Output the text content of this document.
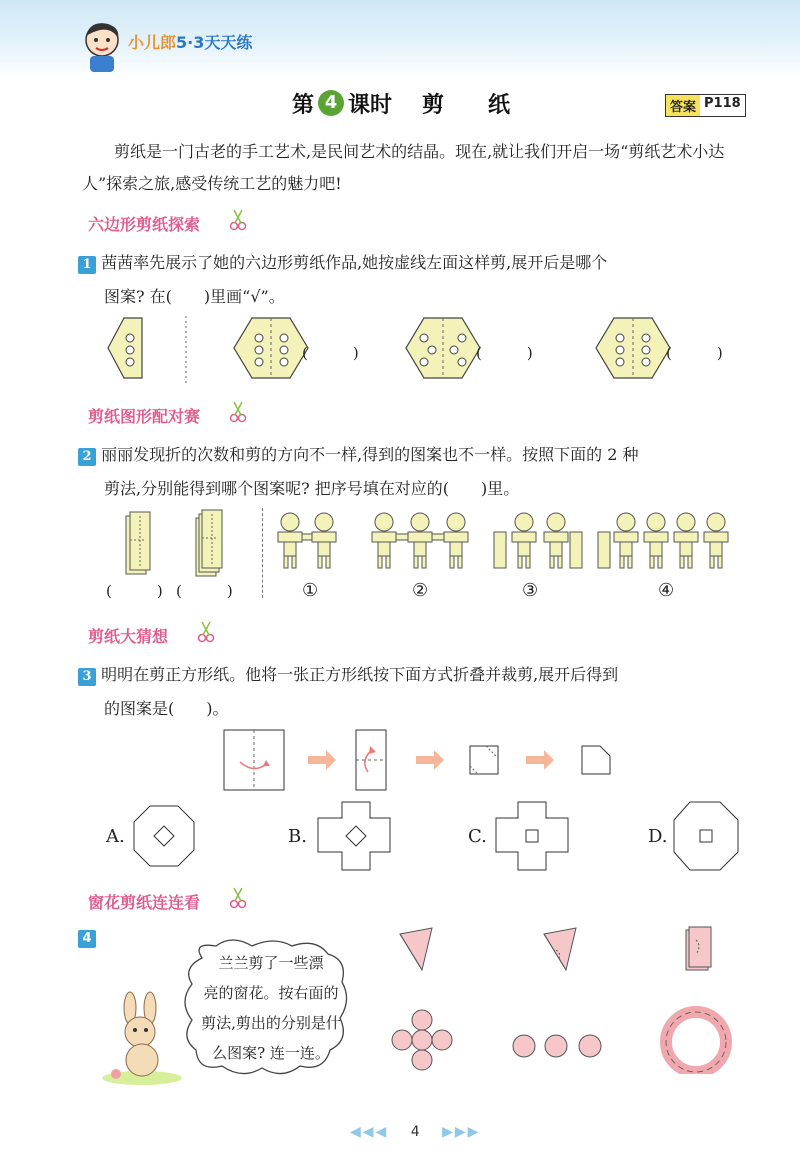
小儿郎5·3天天练
第 4 课时 剪　　纸	答案 P118
剪纸是一门古老的手工艺术,是民间艺术的结晶。现在,就让我们开启一场“剪纸艺术小达人”探索之旅,感受传统工艺的魅力吧!
六边形剪纸探索
1 茜茜率先展示了她的六边形剪纸作品,她按虚线左面这样剪,展开后是哪个
图案? 在(　　)里画“√”。
(　　　)	(　　　)	(　　　)
剪纸图形配对赛
2 丽丽发现折的次数和剪的方向不一样,得到的图案也不一样。按照下面的 2 种
剪法,分别能得到哪个图案呢? 把序号填在对应的(　　)里。
(　　　) (　　　)	①	②	③	④
剪纸大猜想
3 明明在剪正方形纸。他将一张正方形纸按下面方式折叠并裁剪,展开后得到
的图案是(　　)。
A.	B.	C.	D.
窗花剪纸连连看
4
兰兰剪了一些漂
亮的窗花。按右面的
剪法,剪出的分别是什
么图案? 连一连。
◀◀◀ 4 ▶▶▶
